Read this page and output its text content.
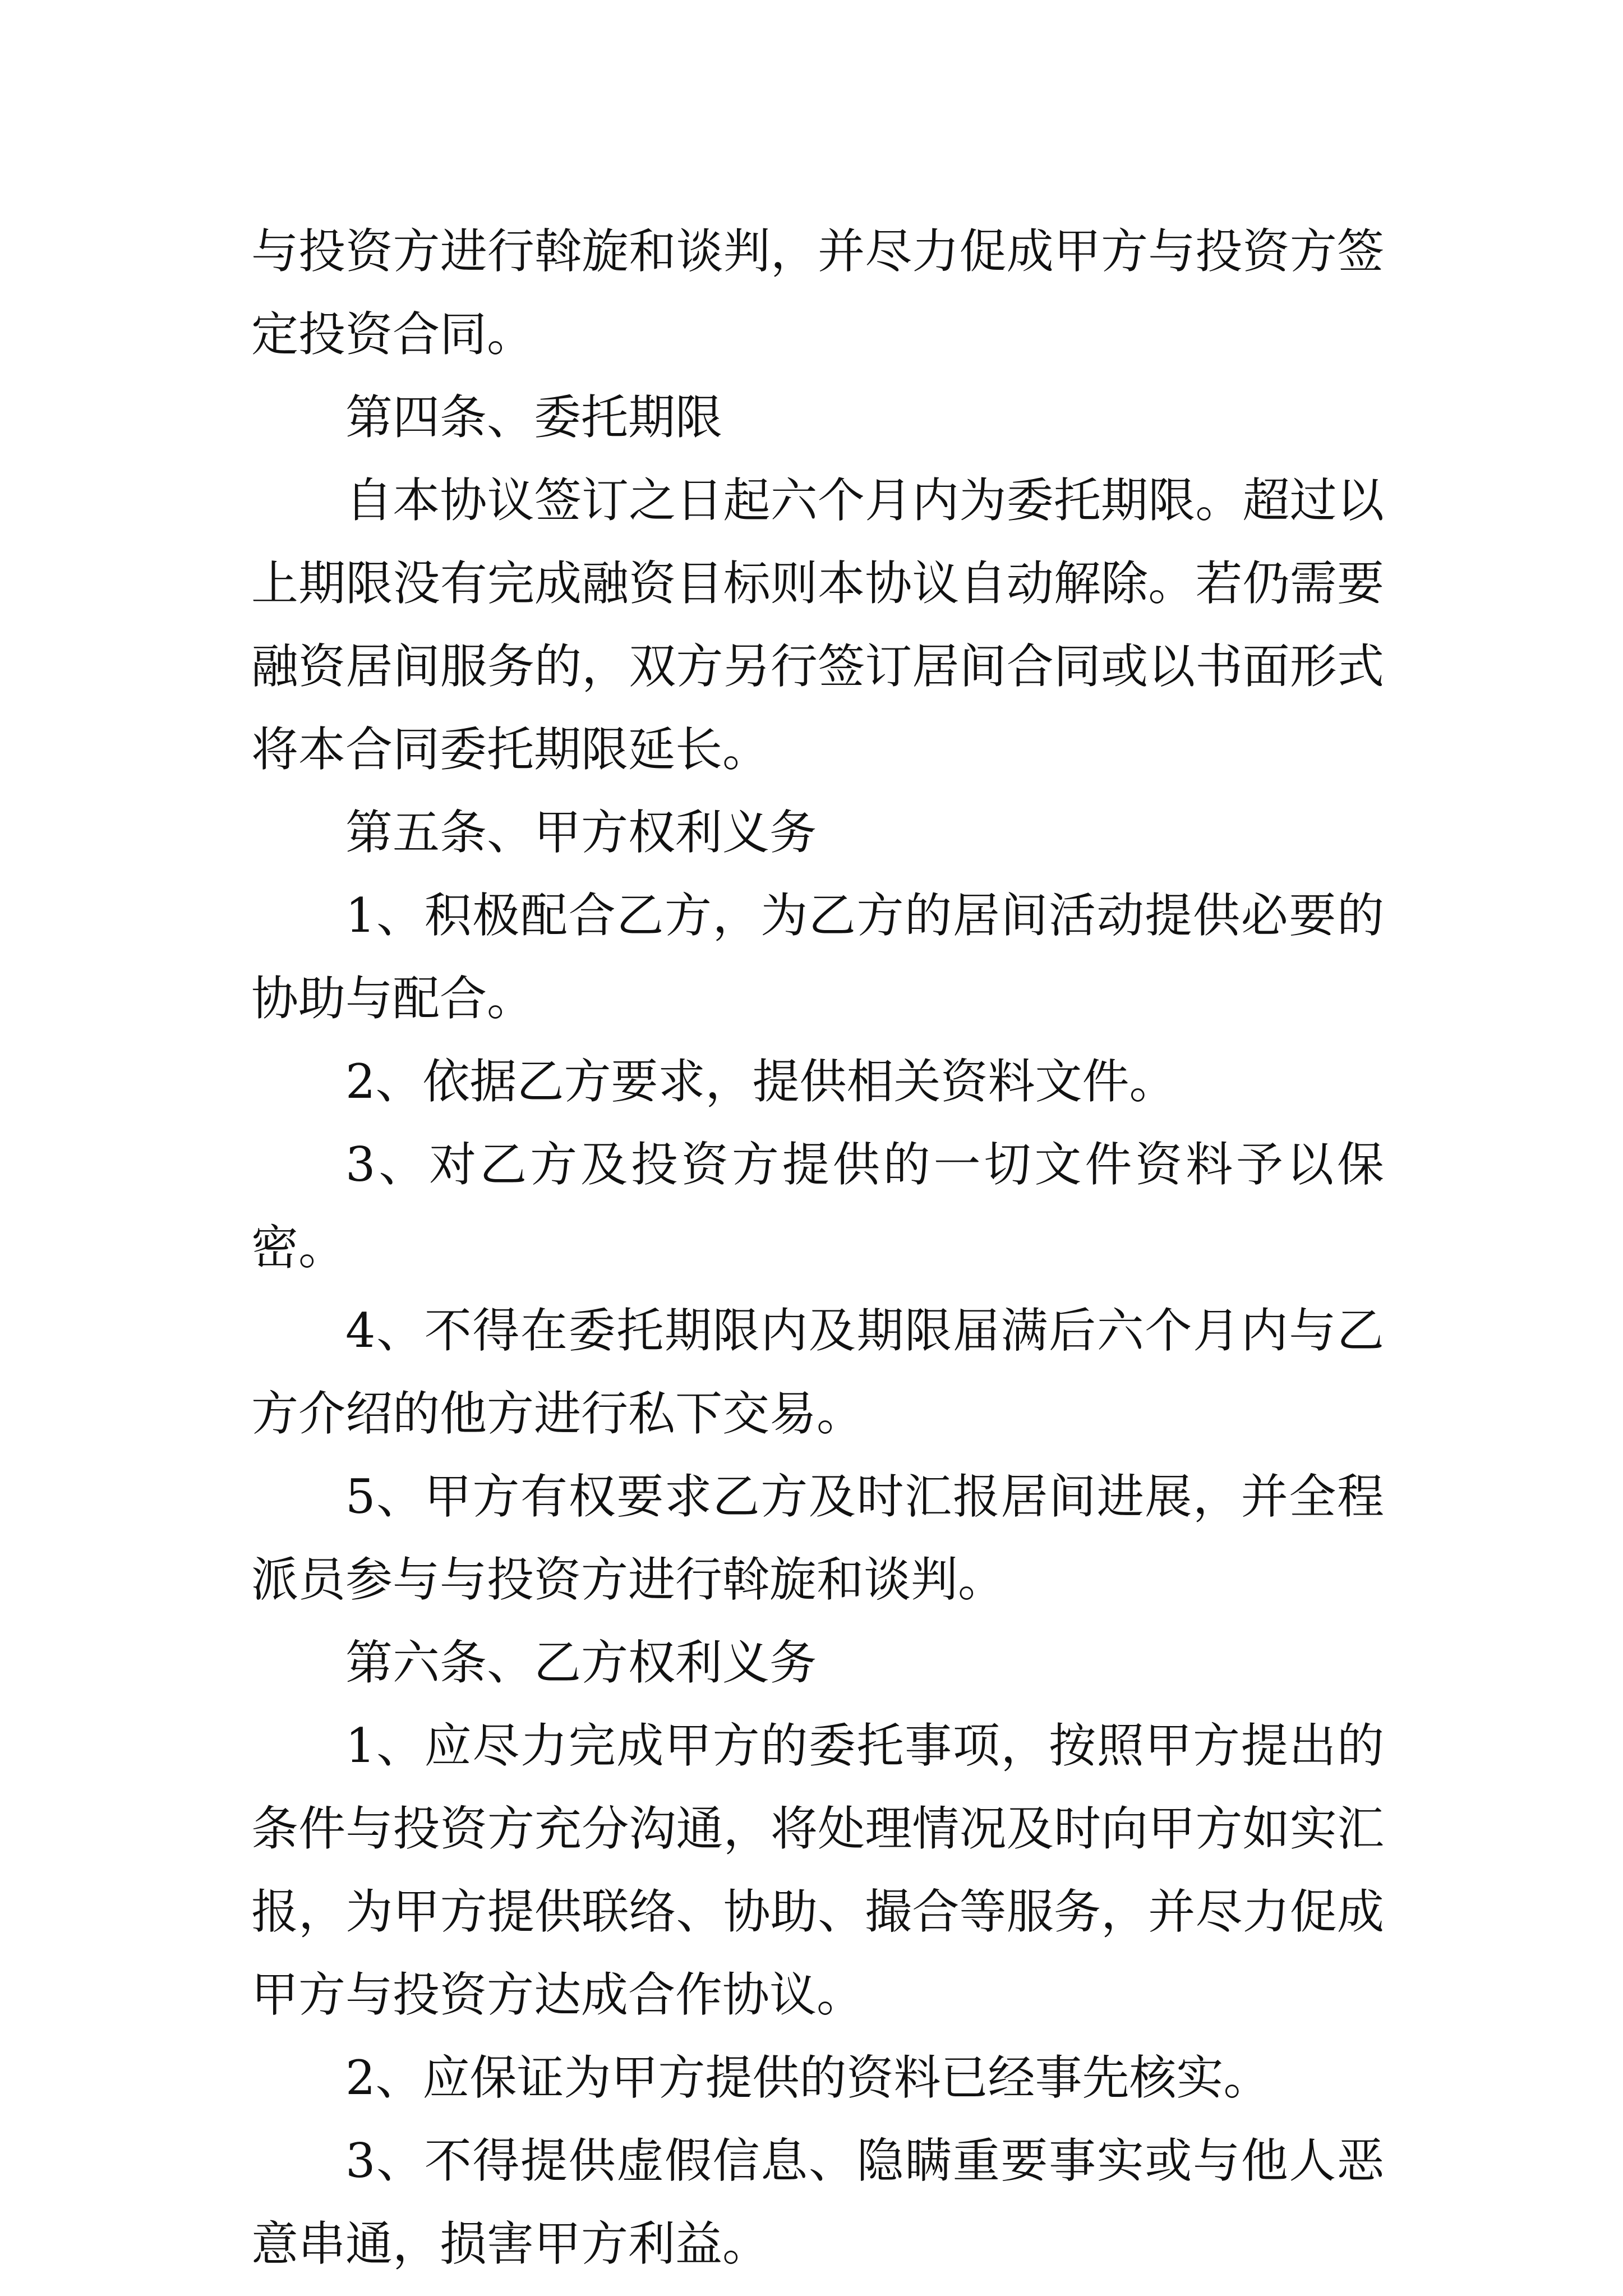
与投资方进行斡旋和谈判，并尽力促成甲方与投资方签定投资合同。

第四条、委托期限

自本协议签订之日起六个月内为委托期限。超过以上期限没有完成融资目标则本协议自动解除。若仍需要融资居间服务的，双方另行签订居间合同或以书面形式将本合同委托期限延长。

第五条、甲方权利义务

1、积极配合乙方，为乙方的居间活动提供必要的协助与配合。

2、依据乙方要求，提供相关资料文件。

3、对乙方及投资方提供的一切文件资料予以保密。

4、不得在委托期限内及期限届满后六个月内与乙方介绍的他方进行私下交易。

5、甲方有权要求乙方及时汇报居间进展，并全程派员参与与投资方进行斡旋和谈判。

第六条、乙方权利义务

1、应尽力完成甲方的委托事项，按照甲方提出的条件与投资方充分沟通，将处理情况及时向甲方如实汇报，为甲方提供联络、协助、撮合等服务，并尽力促成甲方与投资方达成合作协议。

2、应保证为甲方提供的资料已经事先核实。

3、不得提供虚假信息、隐瞒重要事实或与他人恶意串通，损害甲方利益。
